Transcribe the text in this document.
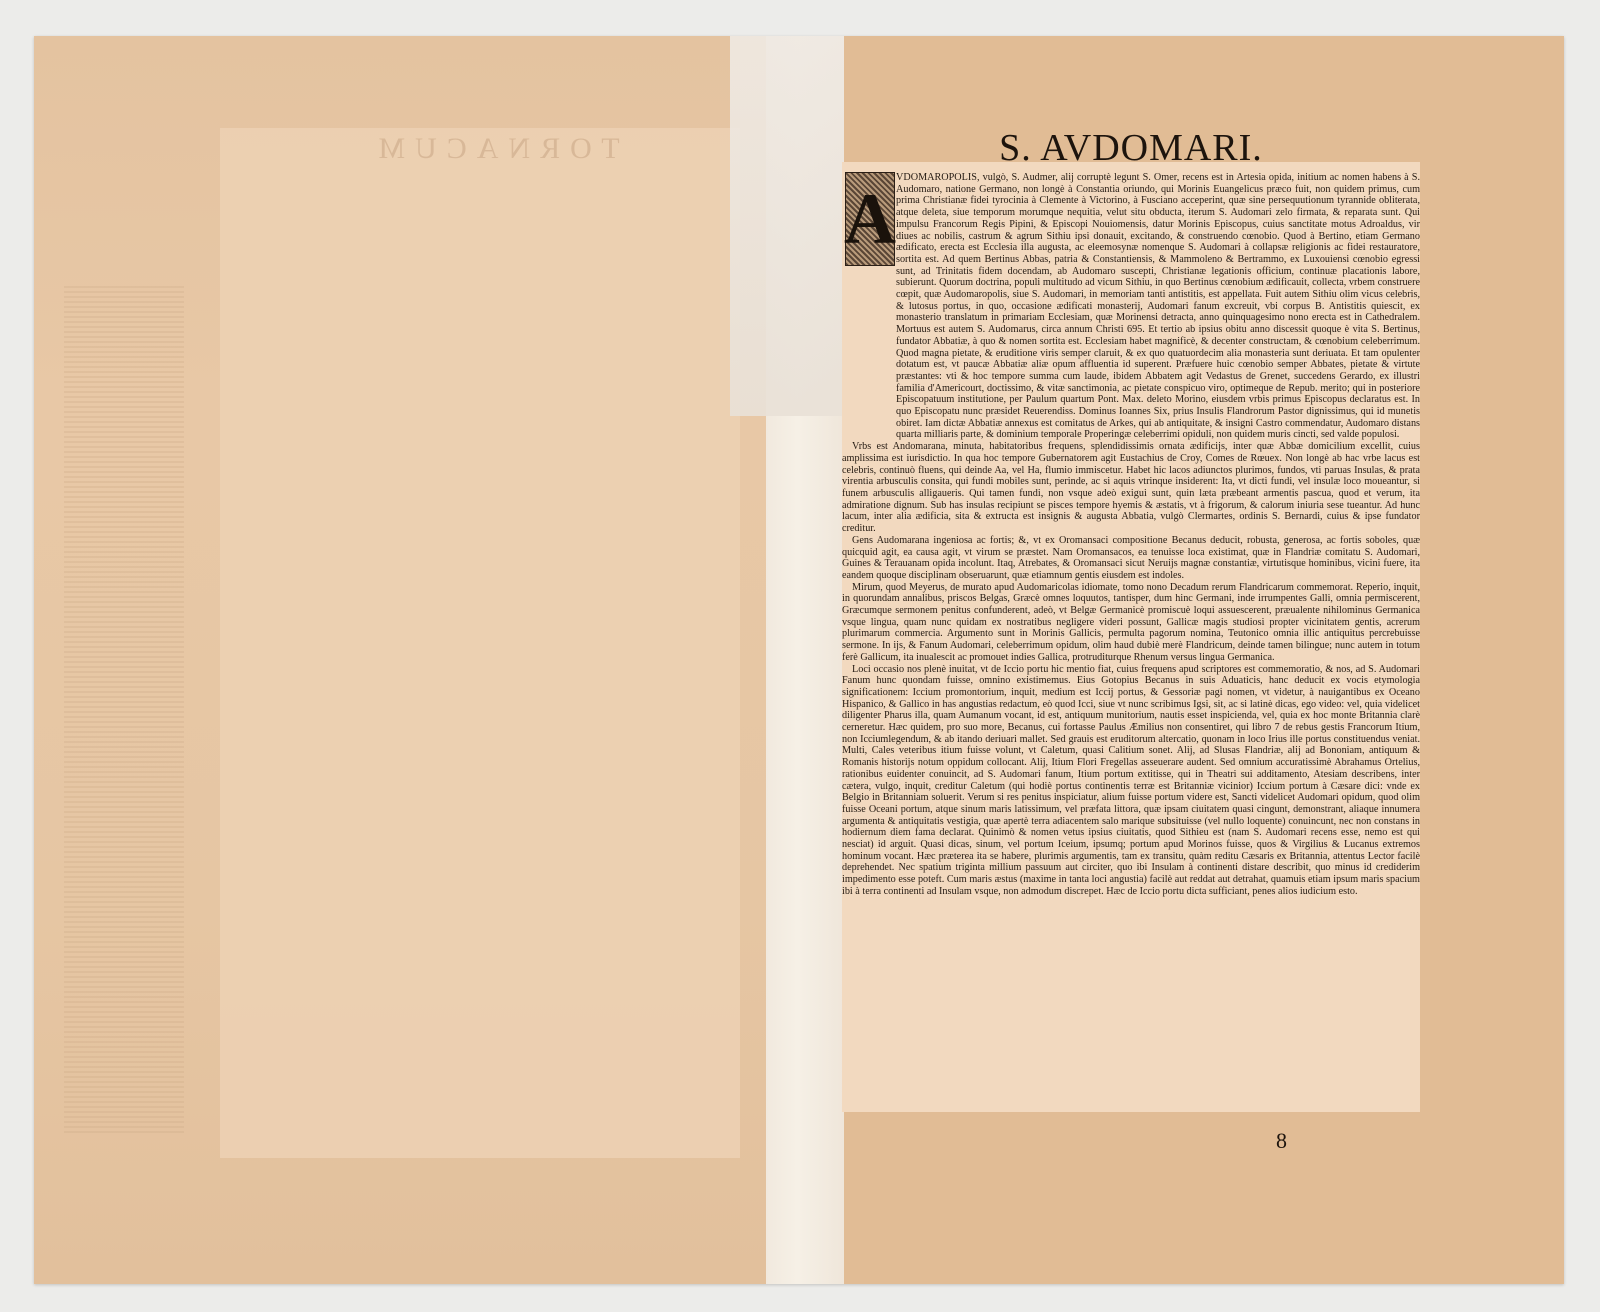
TORNACUM	S. AVDOMARI.
A

VDOMAROPOLIS, vulgò, S. Audmer, alij corruptè legunt S. Omer, recens est in Artesia opida, initium ac nomen habens à S. Audomaro, natione Germano, non longè à Constantia oriundo, qui Morinis Euangelicus præco fuit, non quidem primus, cum prima Christianæ fidei tyrocinia à Clemente à Victorino, à Fusciano acceperint, quæ sine persequutionum tyrannide obliterata, atque deleta, siue temporum morumque nequitia, velut situ obducta, iterum S. Audomari zelo firmata, & reparata sunt. Qui impulsu Francorum Regis Pipini, & Episcopi Nouiomensis, datur Morinis Episcopus, cuius sanctitate motus Adroaldus, vir diues ac nobilis, castrum & agrum Sithiu ipsi donauit, excitando, & construendo cœnobio. Quod à Bertino, etiam Germano ædificato, erecta est Ecclesia illa augusta, ac eleemosynæ nomenque S. Audomari à collapsæ religionis ac fidei restauratore, sortita est. Ad quem Bertinus Abbas, patria & Constantiensis, & Mammoleno & Bertrammo, ex Luxouiensi cœnobio egressi sunt, ad Trinitatis fidem docendam, ab Audomaro suscepti, Christianæ legationis officium, continuæ placationis labore, subierunt. Quorum doctrina, populi multitudo ad vicum Sithiu, in quo Bertinus cœnobium ædificauit, collecta, vrbem construere cœpit, quæ Audomaropolis, siue S. Audomari, in memoriam tanti antistitis, est appellata. Fuit autem Sithiu olim vicus celebris, & lutosus portus, in quo, occasione ædificati monasterij, Audomari fanum excreuit, vbi corpus B. Antistitis quiescit, ex monasterio translatum in primariam Ecclesiam, quæ Morinensi detracta, anno quinquagesimo nono erecta est in Cathedralem. Mortuus est autem S. Audomarus, circa annum Christi 695. Et tertio ab ipsius obitu anno discessit quoque è vita S. Bertinus, fundator Abbatiæ, à quo & nomen sortita est. Ecclesiam habet magnificè, & decenter constructam, & cœnobium celeberrimum. Quod magna pietate, & eruditione viris semper claruit, & ex quo quatuordecim alia monasteria sunt deriuata. Et tam opulenter dotatum est, vt paucæ Abbatiæ aliæ opum affluentia id superent. Præfuere huic cœnobio semper Abbates, pietate & virtute præstantes: vti & hoc tempore summa cum laude, ibidem Abbatem agit Vedastus de Grenet, succedens Gerardo, ex illustri familia d'Americourt, doctissimo, & vitæ sanctimonia, ac pietate conspicuo viro, optimeque de Repub. merito; qui in posteriore Episcopatuum institutione, per Paulum quartum Pont. Max. deleto Morino, eiusdem vrbis primus Episcopus declaratus est. In quo Episcopatu nunc præsidet Reuerendiss. Dominus Ioannes Six, prius Insulis Flandrorum Pastor dignissimus, qui id munetis obiret. Iam dictæ Abbatiæ annexus est comitatus de Arkes, qui ab antiquitate, & insigni Castro commendatur, Audomaro distans quarta milliaris parte, & dominium temporale Properingæ celeberrimi opiduli, non quidem muris cincti, sed valde populosi.

Vrbs est Andomarana, minuta, habitatoribus frequens, splendidissimis ornata ædificijs, inter quæ Abbæ domicilium excellit, cuius amplissima est iurisdictio. In qua hoc tempore Gubernatorem agit Eustachius de Croy, Comes de Rœuex. Non longè ab hac vrbe lacus est celebris, continuò fluens, qui deinde Aa, vel Ha, flumio immiscetur. Habet hic lacos adiunctos plurimos, fundos, vti paruas Insulas, & prata virentia arbusculis consita, qui fundi mobiles sunt, perinde, ac si aquis vtrinque insiderent: Ita, vt dicti fundi, vel insulæ loco moueantur, si funem arbusculis alligaueris. Qui tamen fundi, non vsque adeò exigui sunt, quin læta præbeant armentis pascua, quod et verum, ita admiratione dignum. Sub has insulas recipiunt se pisces tempore hyemis & æstatis, vt à frigorum, & calorum iniuria sese tueantur. Ad hunc lacum, inter alia ædificia, sita & extructa est insignis & augusta Abbatia, vulgò Clermartes, ordinis S. Bernardi, cuius & ipse fundator creditur.

Gens Audomarana ingeniosa ac fortis; &, vt ex Oromansaci compositione Becanus deducit, robusta, generosa, ac fortis soboles, quæ quicquid agit, ea causa agit, vt virum se præstet. Nam Oromansacos, ea tenuisse loca existimat, quæ in Flandriæ comitatu S. Audomari, Guines & Terauanam opida incolunt. Itaq, Atrebates, & Oromansaci sicut Neruijs magnæ constantiæ, virtutisque hominibus, vicini fuere, ita eandem quoque disciplinam obseruarunt, quæ etiamnum gentis eiusdem est indoles.

Mirum, quod Meyerus, de murato apud Audomaricolas idiomate, tomo nono Decadum rerum Flandricarum commemorat. Reperio, inquit, in quorundam annalibus, priscos Belgas, Græcè omnes loquutos, tantisper, dum hinc Germani, inde irrumpentes Galli, omnia permiscerent, Græcumque sermonem penitus confunderent, adeò, vt Belgæ Germanicè promiscuè loqui assuescerent, præualente nihilominus Germanica vsque lingua, quam nunc quidam ex nostratibus negligere videri possunt, Gallicæ magis studiosi propter vicinitatem gentis, acrerum plurimarum commercia. Argumento sunt in Morinis Gallicis, permulta pagorum nomina, Teutonico omnia illic antiquitus percrebuisse sermone. In ijs, & Fanum Audomari, celeberrimum opidum, olim haud dubiè merè Flandricum, deinde tamen bilingue; nunc autem in totum ferè Gallicum, ita inualescit ac promouet indies Gallica, protruditurque Rhenum versus lingua Germanica.

Loci occasio nos plenè inuitat, vt de Iccio portu hic mentio fiat, cuius frequens apud scriptores est commemoratio, & nos, ad S. Audomari Fanum hunc quondam fuisse, omnino existimemus. Eius Gotopius Becanus in suis Aduaticis, hanc deducit ex vocis etymologia significationem: Iccium promontorium, inquit, medium est Iccij portus, & Gessoriæ pagi nomen, vt videtur, à nauigantibus ex Oceano Hispanico, & Gallico in has angustias redactum, eò quod Icci, siue vt nunc scribimus Igsi, sit, ac si latinè dicas, ego video: vel, quia videlicet diligenter Pharus illa, quam Aumanum vocant, id est, antiquum munitorium, nautis esset inspicienda, vel, quia ex hoc monte Britannia clarè cerneretur. Hæc quidem, pro suo more, Becanus, cui fortasse Paulus Æmilius non consentiret, qui libro 7 de rebus gestis Francorum Itium, non Icciumlegendum, & ab itando deriuari mallet. Sed grauis est eruditorum altercatio, quonam in loco Irius ille portus constituendus veniat. Multi, Cales veteribus itium fuisse volunt, vt Caletum, quasi Calitium sonet. Alij, ad Slusas Flandriæ, alij ad Bononiam, antiquum & Romanis historijs notum oppidum collocant. Alij, Itium Flori Fregellas asseuerare audent. Sed omnium accuratissimè Abrahamus Ortelius, rationibus euidenter conuincit, ad S. Audomari fanum, Itium portum extitisse, qui in Theatri sui additamento, Atesiam describens, inter cætera, vulgo, inquit, creditur Caletum (qui hodiè portus continentis terræ est Britanniæ vicinior) Iccium portum à Cæsare dici: vnde ex Belgio in Britanniam soluerit. Verum si res penitus inspiciatur, alium fuisse portum videre est, Sancti videlicet Audomari opidum, quod olim fuisse Oceani portum, atque sinum maris latissimum, vel præfata littora, quæ ipsam ciuitatem quasi cingunt, demonstrant, aliaque innumera argumenta & antiquitatis vestigia, quæ apertè terra adiacentem salo marique subsituisse (vel nullo loquente) conuincunt, nec non constans in hodiernum diem fama declarat. Quinimò & nomen vetus ipsius ciuitatis, quod Sithieu est (nam S. Audomari recens esse, nemo est qui nesciat) id arguit. Quasi dicas, sinum, vel portum Iceium, ipsumq; portum apud Morinos fuisse, quos & Virgilius & Lucanus extremos hominum vocant. Hæc præterea ita se habere, plurimis argumentis, tam ex transitu, quàm reditu Cæsaris ex Britannia, attentus Lector facilè deprehendet. Nec spatium triginta millium passuum aut circiter, quo ibi Insulam à continenti distare describit, quo minus id crediderim impedimento esse poteft. Cum maris æstus (maxime in tanta loci angustia) facilè aut reddat aut detrahat, quamuis etiam ipsum maris spacium ibi à terra continenti ad Insulam vsque, non admodum discrepet. Hæc de Iccio portu dicta sufficiant, penes alios iudicium esto.

8
